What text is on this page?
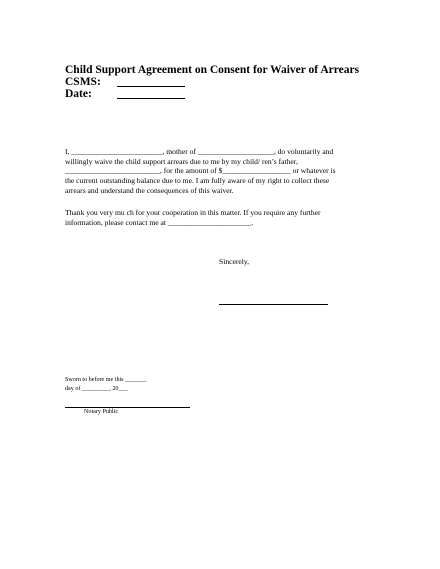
Child Support Agreement on Consent for Waiver of Arrears
CSMS:
Date:

I, ________________________, mother of ____________________, do voluntarily and
willingly waive the child support arrears due to me by my child/ ren’s father,
_________________________, for the amount of $__________________ or whatever is
the current outstanding balance due to me. I am fully aware of my right to collect these
arrears and understand the consequences of this waiver.

Thank you very mu ch for your cooperation in this matter. If you require any further
information, please contact me at ______________________.

Sincerely,
Sworn to before me this _______
day of _________, 20___
Notary Public
